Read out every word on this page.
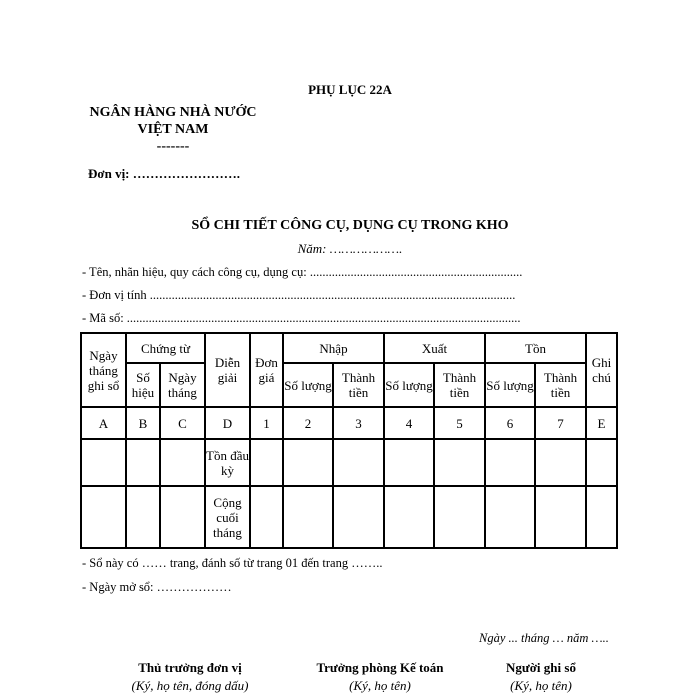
PHỤ LỤC 22A
NGÂN HÀNG NHÀ NƯỚC
VIỆT NAM
-------
Đơn vị: …………………….
SỔ CHI TIẾT CÔNG CỤ, DỤNG CỤ TRONG KHO
Năm: ……………….
- Tên, nhãn hiệu, quy cách công cụ, dụng cụ: ....................................................................
- Đơn vị tính .....................................................................................................................
- Mã số: ..............................................................................................................................
Ngày tháng ghi sổ	Chứng từ		Diễn giải	Đơn giá	Nhập		Xuất		Tồn		Ghi chú
	Số hiệu	Ngày tháng			Số lượng	Thành tiền	Số lượng	Thành tiền	Số lượng	Thành tiền	
A	B	C	D	1	2	3	4	5	6	7	E
			Tồn đầu kỳ								
			Cộng cuối tháng								
- Sổ này có …… trang, đánh số từ trang 01 đến trang ……..
- Ngày mở sổ: ………………
Ngày ... tháng … năm …..
Thủ trưởng đơn vị
(Ký, họ tên, đóng dấu)
Trưởng phòng Kế toán
(Ký, họ tên)
Người ghi sổ
(Ký, họ tên)
